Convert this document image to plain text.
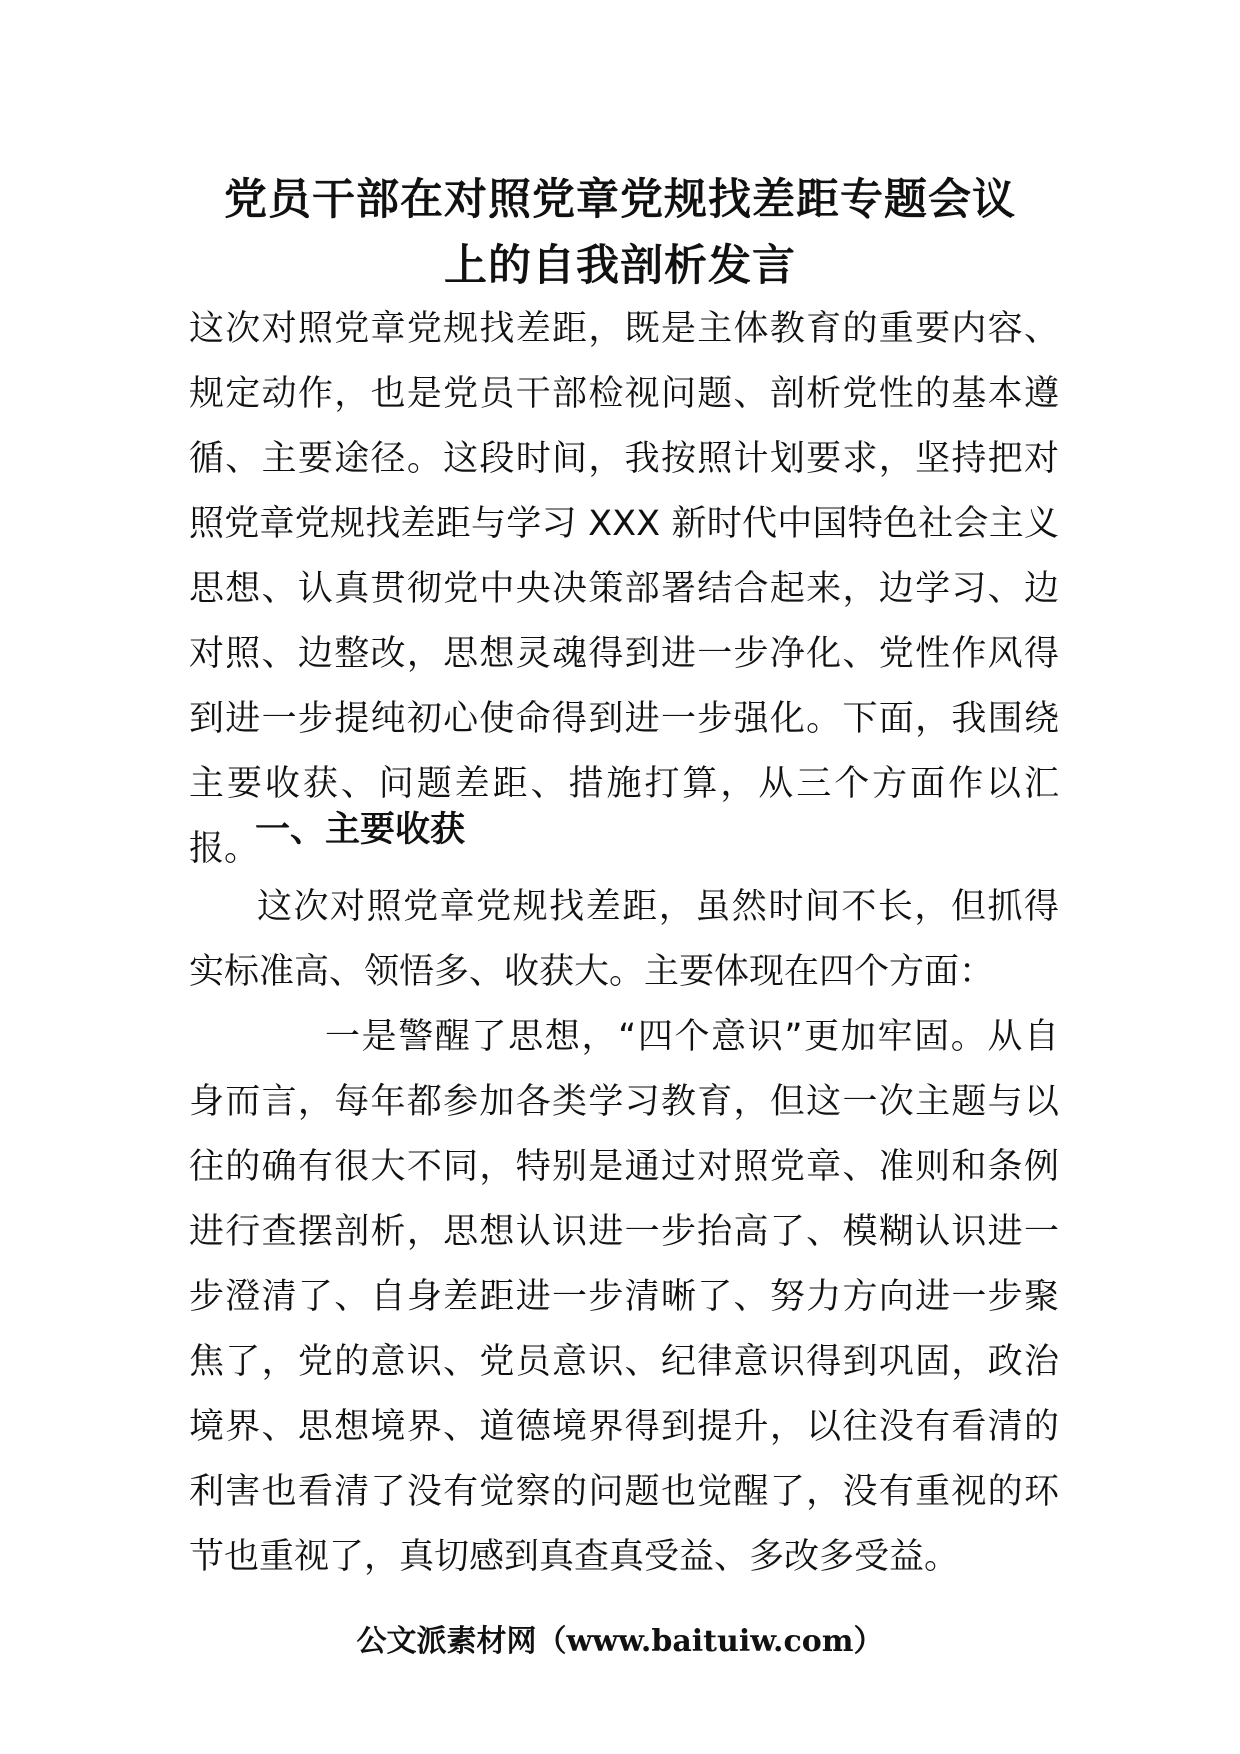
党员干部在对照党章党规找差距专题会议
上的自我剖析发言

这次对照党章党规找差距，既是主体教育的重要内容、规定动作，也是党员干部检视问题、剖析党性的基本遵循、主要途径。这段时间，我按照计划要求，坚持把对照党章党规找差距与学习 XXX 新时代中国特色社会主义思想、认真贯彻党中央决策部署结合起来，边学习、边对照、边整改，思想灵魂得到进一步净化、党性作风得到进一步提纯初心使命得到进一步强化。下面，我围绕主要收获、问题差距、措施打算，从三个方面作以汇报。

一、主要收获

这次对照党章党规找差距，虽然时间不长，但抓得实标准高、领悟多、收获大。主要体现在四个方面：

一是警醒了思想，“四个意识”更加牢固。从自身而言，每年都参加各类学习教育，但这一次主题与以往的确有很大不同，特别是通过对照党章、准则和条例进行查摆剖析，思想认识进一步抬高了、模糊认识进一步澄清了、自身差距进一步清晰了、努力方向进一步聚焦了，党的意识、党员意识、纪律意识得到巩固，政治境界、思想境界、道德境界得到提升，以往没有看清的利害也看清了没有觉察的问题也觉醒了，没有重视的环节也重视了，真切感到真查真受益、多改多受益。

公文派素材网（www.baituiw.com）
